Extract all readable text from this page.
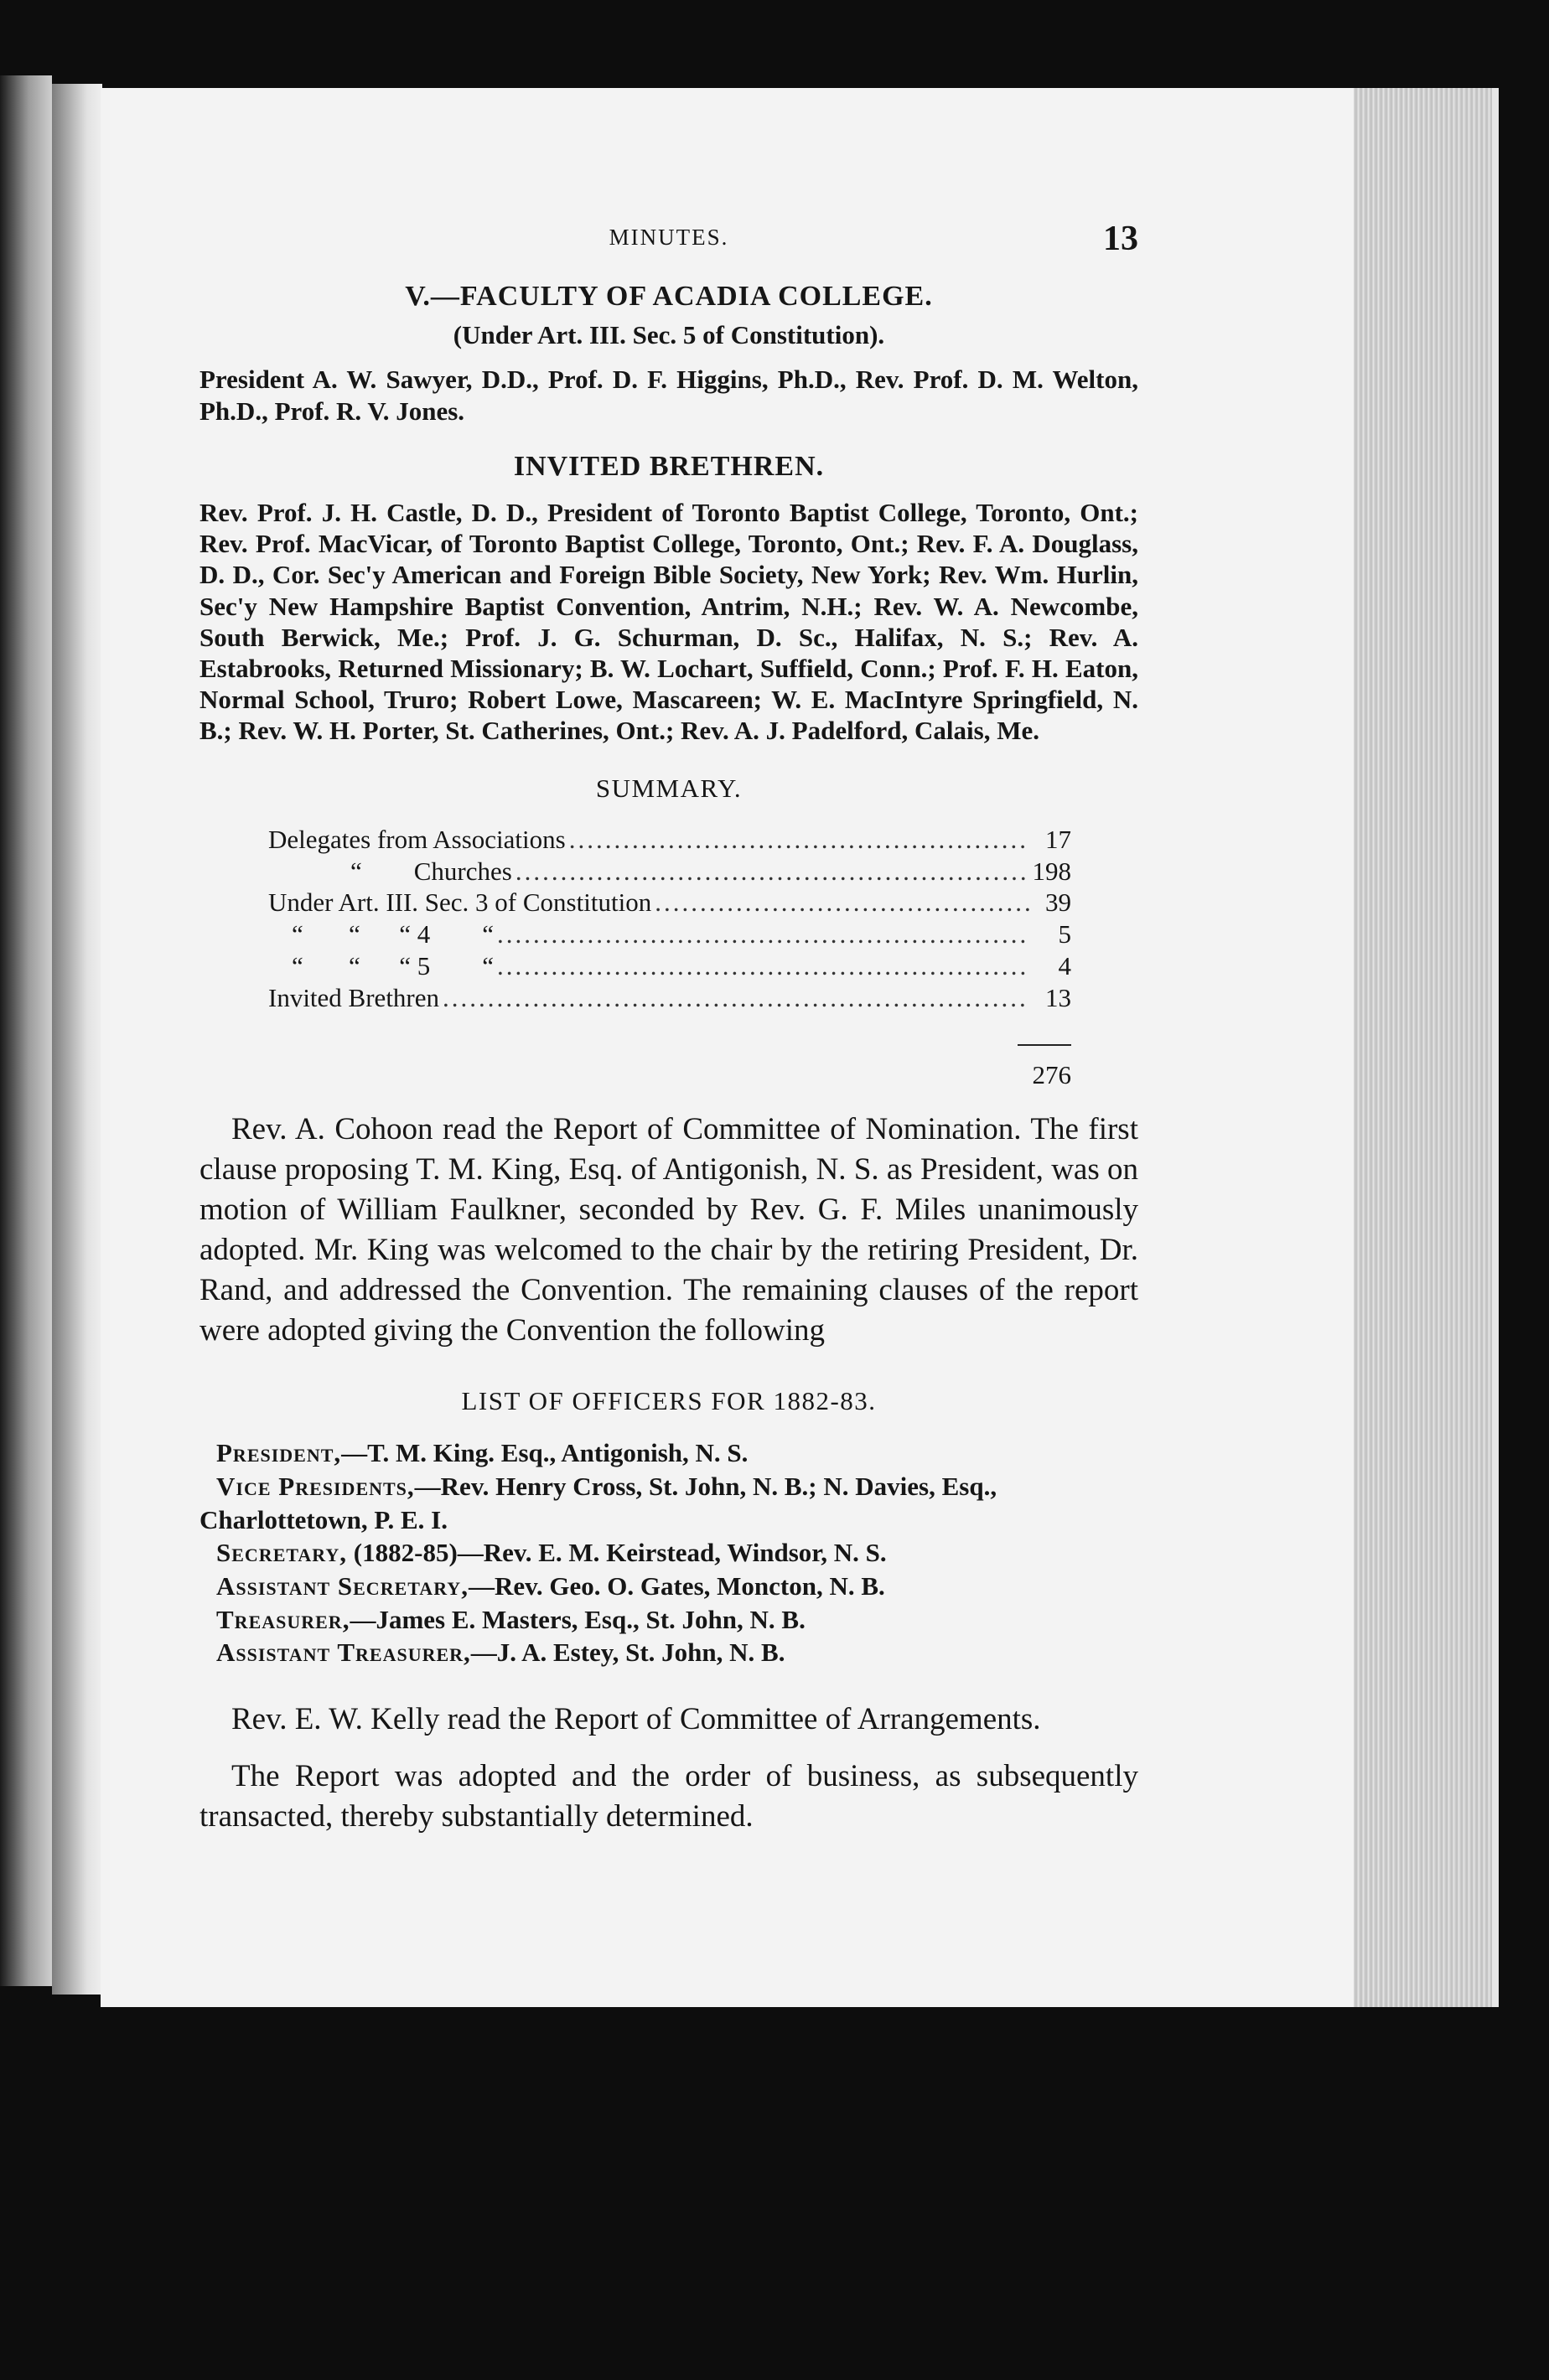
MINUTES.	13
V.—FACULTY OF ACADIA COLLEGE.
(Under Art. III. Sec. 5 of Constitution).
President A. W. Sawyer, D.D., Prof. D. F. Higgins, Ph.D., Rev. Prof. D. M. Welton, Ph.D., Prof. R. V. Jones.
INVITED BRETHREN.
Rev. Prof. J. H. Castle, D. D., President of Toronto Baptist College, Toronto, Ont.; Rev. Prof. MacVicar, of Toronto Baptist College, Toronto, Ont.; Rev. F. A. Douglass, D. D., Cor. Sec'y American and Foreign Bible Society, New York; Rev. Wm. Hurlin, Sec'y New Hampshire Baptist Convention, Antrim, N.H.; Rev. W. A. Newcombe, South Berwick, Me.; Prof. J. G. Schurman, D. Sc., Halifax, N. S.; Rev. A. Estabrooks, Returned Missionary; B. W. Lochart, Suffield, Conn.; Prof. F. H. Eaton, Normal School, Truro; Robert Lowe, Mascareen; W. E. MacIntyre Springfield, N. B.; Rev. W. H. Porter, St. Catherines, Ont.; Rev. A. J. Padelford, Calais, Me.
SUMMARY.
Delegates from Associations .....	17
“        Churches .....	198
Under Art. III. Sec. 3 of Constitution .....	39
“       “      “ 4        “ .....	5
“       “      “ 5        “ .....	4
Invited Brethren .....	13
276

Rev. A. Cohoon read the Report of Committee of Nomination. The first clause proposing T. M. King, Esq. of Antigonish, N. S. as President, was on motion of William Faulkner, seconded by Rev. G. F. Miles unanimously adopted. Mr. King was welcomed to the chair by the retiring President, Dr. Rand, and addressed the Convention. The remaining clauses of the report were adopted giving the Convention the following

LIST OF OFFICERS FOR 1882-83.
President,—T. M. King. Esq., Antigonish, N. S.
Vice Presidents,—Rev. Henry Cross, St. John, N. B.; N. Davies, Esq., Charlottetown, P. E. I.
Secretary, (1882-85)—Rev. E. M. Keirstead, Windsor, N. S.
Assistant Secretary,—Rev. Geo. O. Gates, Moncton, N. B.
Treasurer,—James E. Masters, Esq., St. John, N. B.
Assistant Treasurer,—J. A. Estey, St. John, N. B.

Rev. E. W. Kelly read the Report of Committee of Arrangements.

The Report was adopted and the order of business, as subsequently transacted, thereby substantially determined.
